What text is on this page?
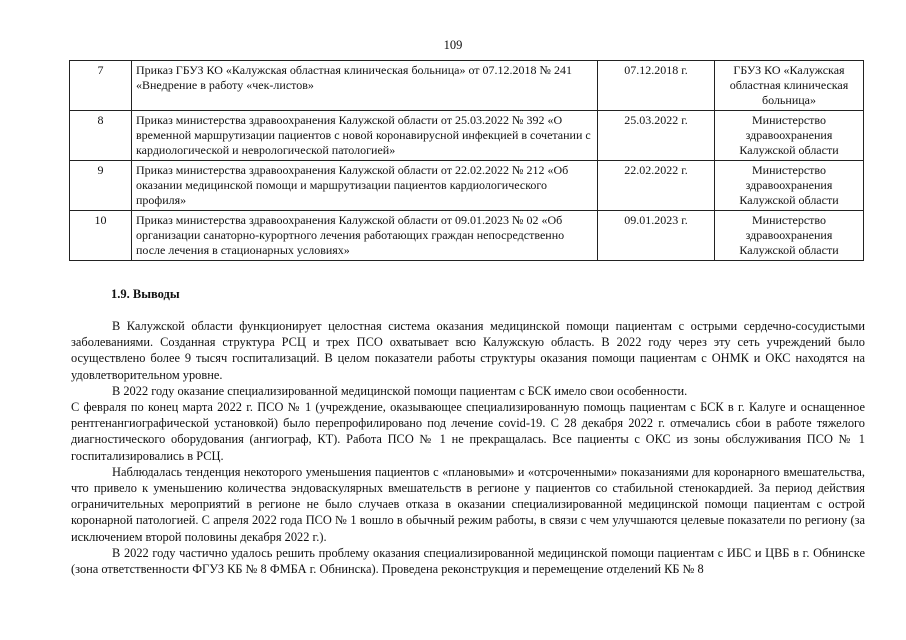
109
7	Приказ ГБУЗ КО «Калужская областная клиническая больница» от 07.12.2018 № 241 «Внедрение в работу «чек-листов»	07.12.2018 г.	ГБУЗ КО «Калужская областная клиническая больница»
8	Приказ министерства здравоохранения Калужской области от 25.03.2022 № 392 «О временной маршрутизации пациентов с новой коронавирусной инфекцией в сочетании с кардиологической и неврологической патологией»	25.03.2022 г.	Министерство здравоохранения Калужской области
9	Приказ министерства здравоохранения Калужской области от 22.02.2022 № 212 «Об оказании медицинской помощи и маршрутизации пациентов кардиологического профиля»	22.02.2022 г.	Министерство здравоохранения Калужской области
10	Приказ министерства здравоохранения Калужской области от 09.01.2023 № 02 «Об организации санаторно-курортного лечения работающих граждан непосредственно после лечения в стационарных условиях»	09.01.2023 г.	Министерство здравоохранения Калужской области
1.9. Выводы

В Калужской области функционирует целостная система оказания медицинской помощи пациентам с острыми сердечно-сосудистыми заболеваниями. Созданная структура РСЦ и трех ПСО охватывает всю Калужскую область. В 2022 году через эту сеть учреждений было осуществлено более 9 тысяч госпитализаций. В целом показатели работы структуры оказания помощи пациентам с ОНМК и ОКС находятся на удовлетворительном уровне.

В 2022 году оказание специализированной медицинской помощи пациентам с БСК имело свои особенности.

С февраля по конец марта 2022 г. ПСО № 1 (учреждение, оказывающее специализированную помощь пациентам с БСК в г. Калуге и оснащенное рентгенангиографической установкой) было перепрофилировано под лечение covid-19. С 28 декабря 2022 г. отмечались сбои в работе тяжелого диагностического оборудования (ангиограф, КТ). Работа ПСО № 1 не прекращалась. Все пациенты с ОКС из зоны обслуживания ПСО № 1 госпитализировались в РСЦ.

Наблюдалась тенденция некоторого уменьшения пациентов с «плановыми» и «отсроченными» показаниями для коронарного вмешательства, что привело к уменьшению количества эндоваскулярных вмешательств в регионе у пациентов со стабильной стенокардией. За период действия ограничительных мероприятий в регионе не было случаев отказа в оказании специализированной медицинской помощи пациентам с острой коронарной патологией. С апреля 2022 года ПСО № 1 вошло в обычный режим работы, в связи с чем улучшаются целевые показатели по региону (за исключением второй половины декабря 2022 г.).

В 2022 году частично удалось решить проблему оказания специализированной медицинской помощи пациентам с ИБС и ЦВБ в г. Обнинске (зона ответственности ФГУЗ КБ № 8 ФМБА г. Обнинска). Проведена реконструкция и перемещение отделений КБ № 8
